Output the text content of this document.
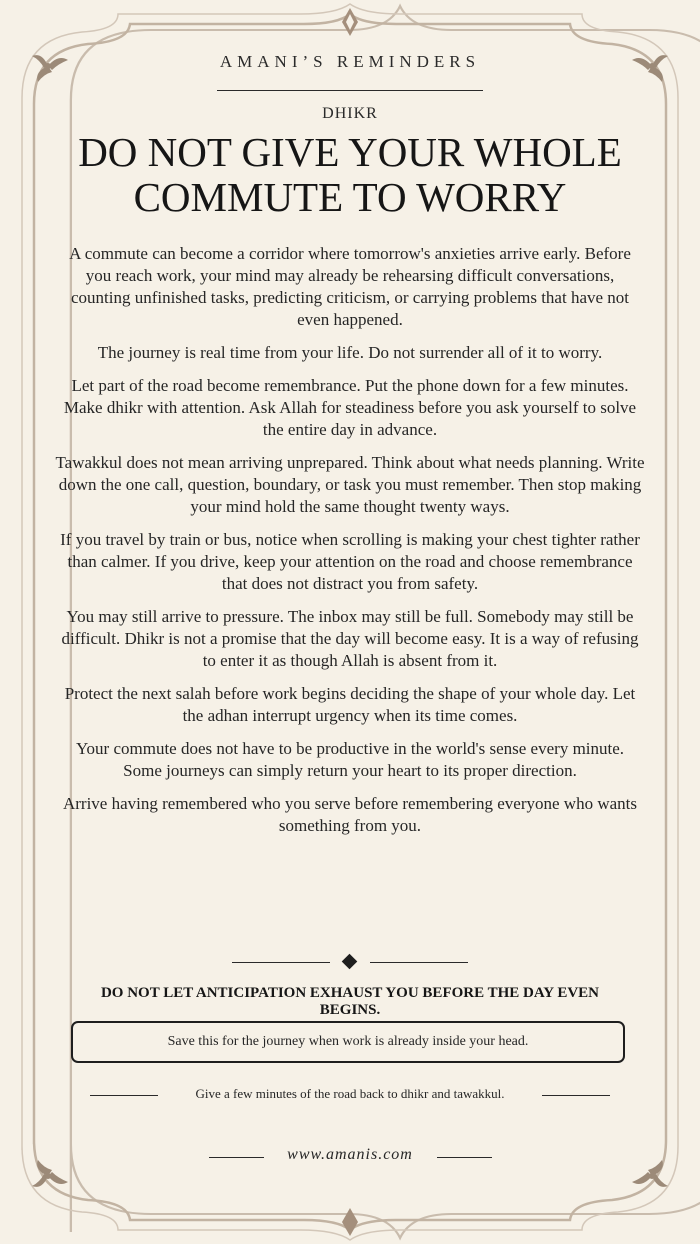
AMANI’S REMINDERS
DHIKR
DO NOT GIVE YOUR WHOLE
COMMUTE TO WORRY

A commute can become a corridor where tomorrow's anxieties arrive early. Before you reach work, your mind may already be rehearsing difficult conversations, counting unfinished tasks, predicting criticism, or carrying problems that have not even happened.

The journey is real time from your life. Do not surrender all of it to worry.

Let part of the road become remembrance. Put the phone down for a few minutes. Make dhikr with attention. Ask Allah for steadiness before you ask yourself to solve the entire day in advance.

Tawakkul does not mean arriving unprepared. Think about what needs planning. Write down the one call, question, boundary, or task you must remember. Then stop making your mind hold the same thought twenty ways.

If you travel by train or bus, notice when scrolling is making your chest tighter rather than calmer. If you drive, keep your attention on the road and choose remembrance that does not distract you from safety.

You may still arrive to pressure. The inbox may still be full. Somebody may still be difficult. Dhikr is not a promise that the day will become easy. It is a way of refusing to enter it as though Allah is absent from it.

Protect the next salah before work begins deciding the shape of your whole day. Let the adhan interrupt urgency when its time comes.

Your commute does not have to be productive in the world's sense every minute. Some journeys can simply return your heart to its proper direction.

Arrive having remembered who you serve before remembering everyone who wants something from you.

DO NOT LET ANTICIPATION EXHAUST YOU BEFORE THE DAY EVEN BEGINS.
Save this for the journey when work is already inside your head.
Give a few minutes of the road back to dhikr and tawakkul.
www.amanis.com
